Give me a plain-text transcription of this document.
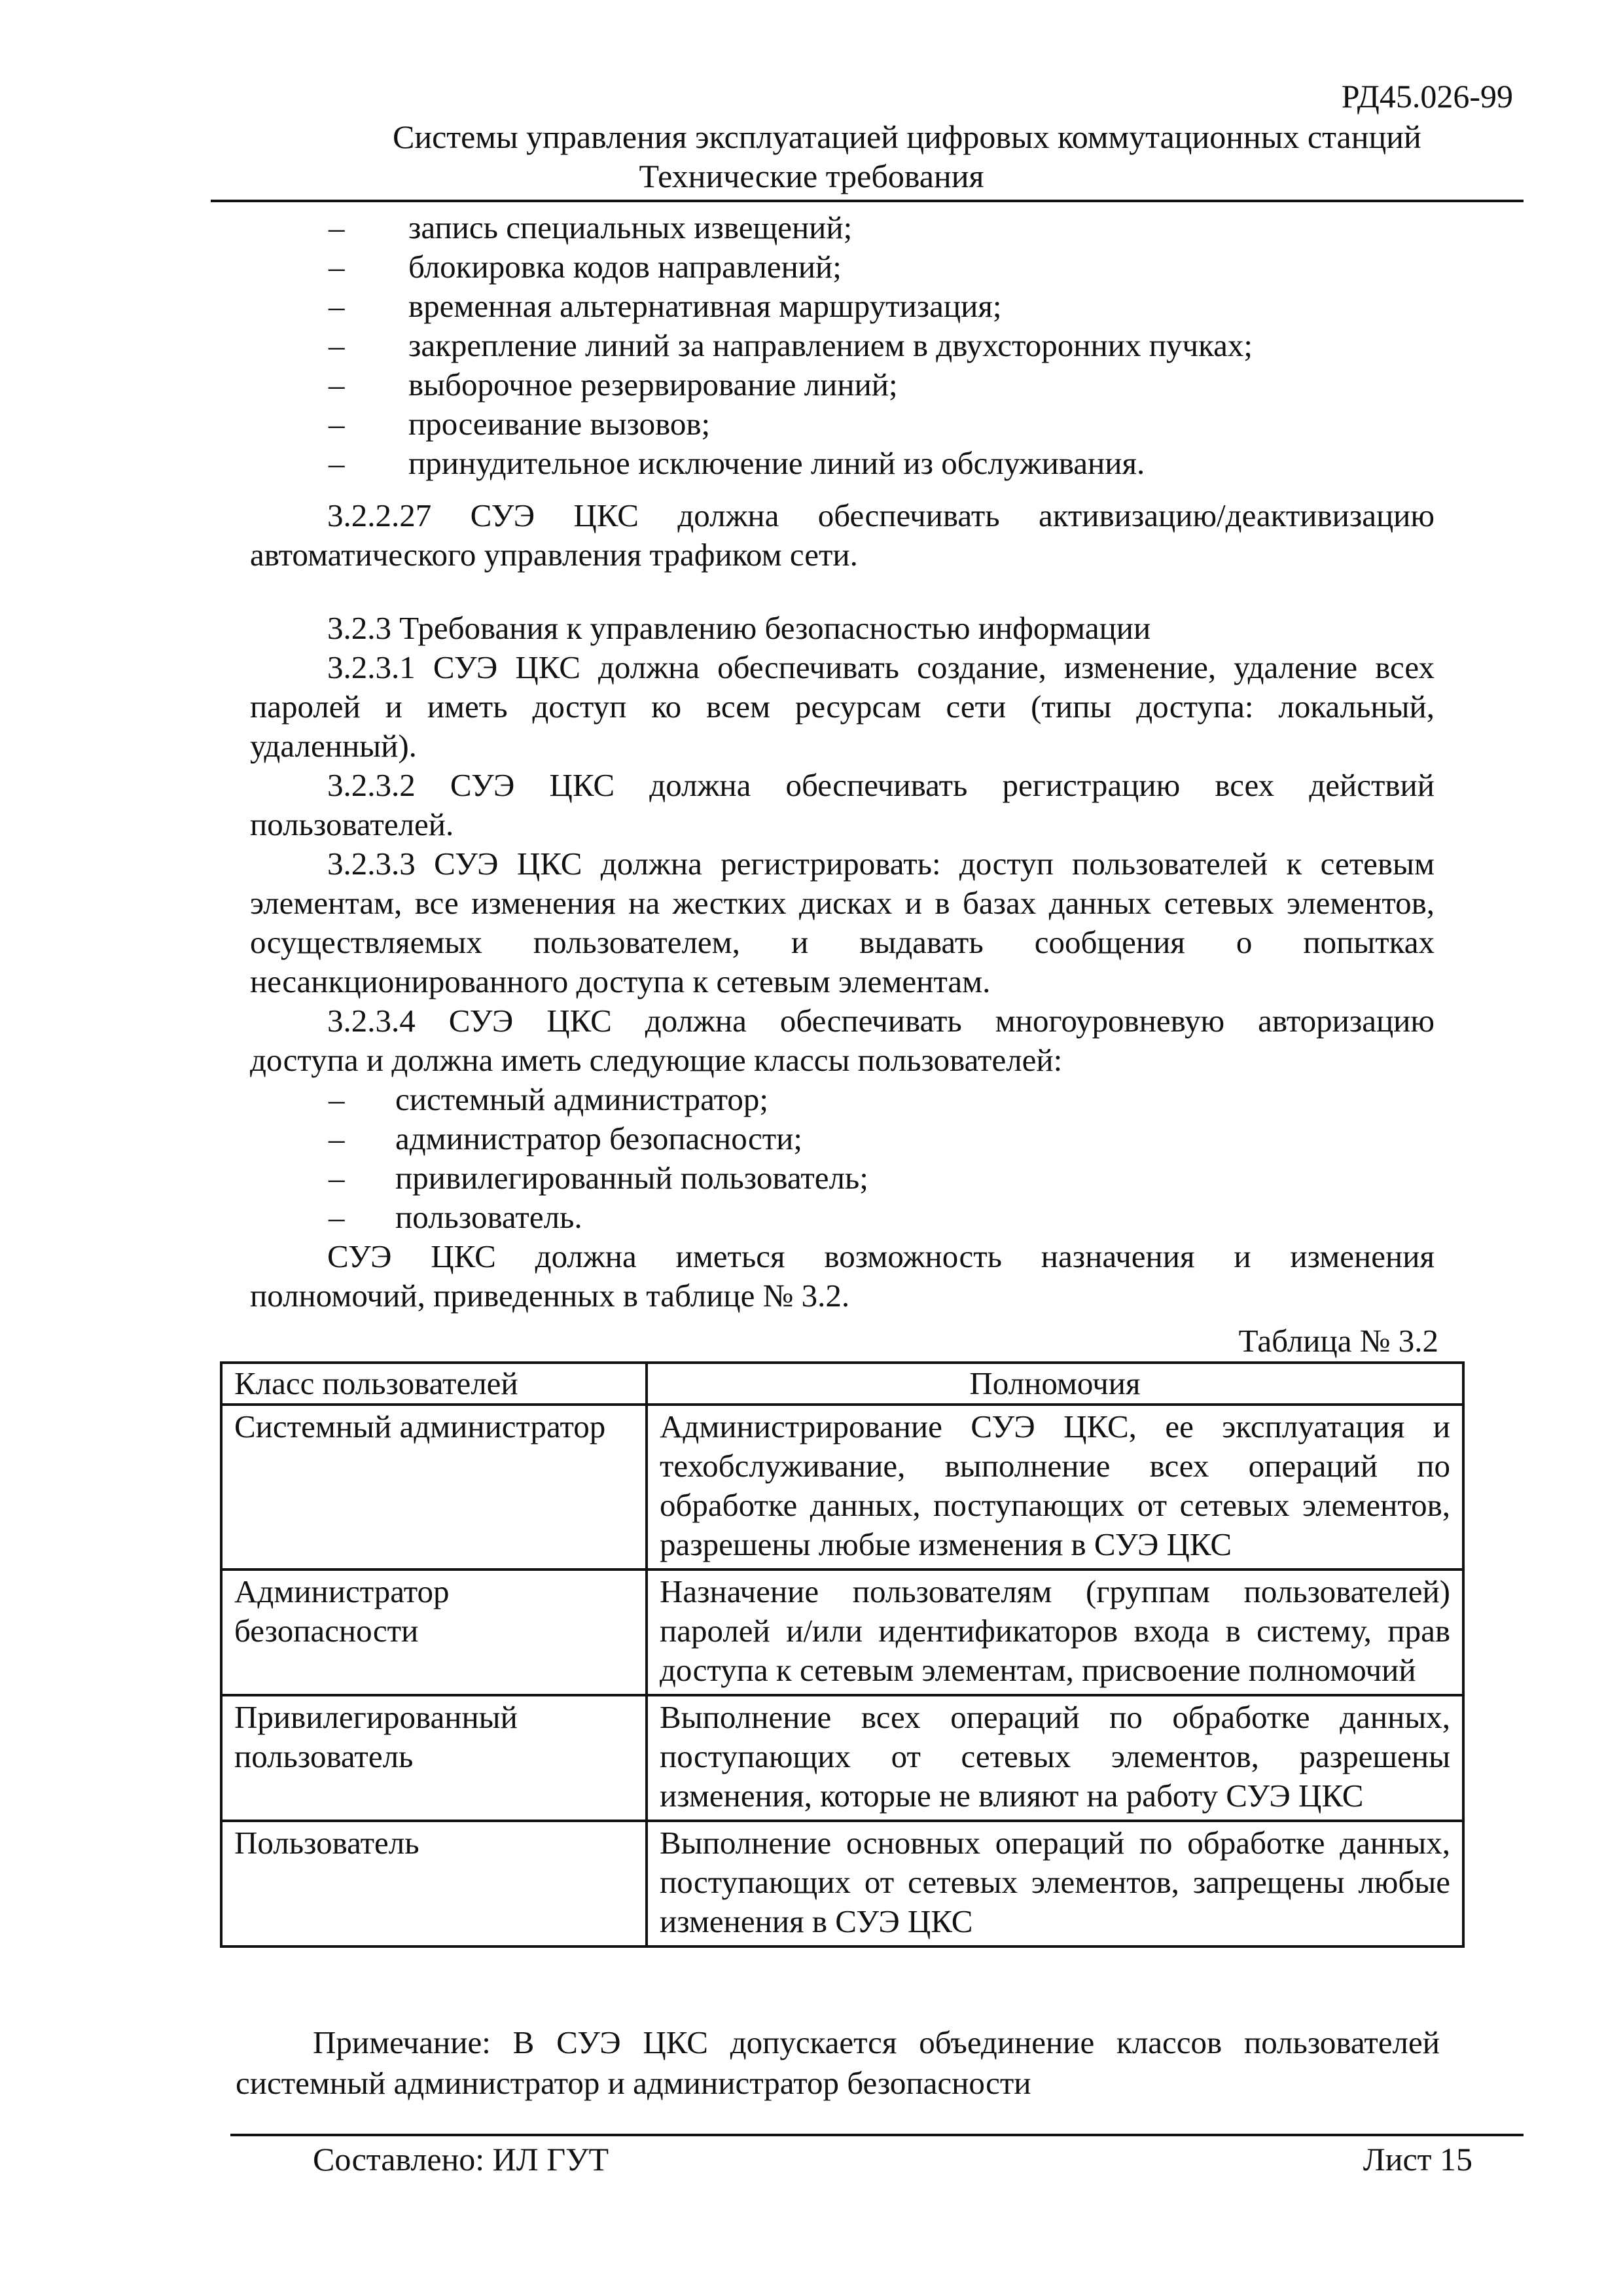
РД45.026-99
Системы управления эксплуатацией цифровых коммутационных станций
Технические требования
– запись специальных извещений;
– блокировка кодов направлений;
– временная альтернативная маршрутизация;
– закрепление линий за направлением в двухсторонних пучках;
– выборочное резервирование линий;
– просеивание вызовов;
– принудительное исключение линий из обслуживания.
3.2.2.27 СУЭ ЦКС должна обеспечивать активизацию/деактивизацию
автоматического управления трафиком сети.
3.2.3 Требования к управлению безопасностью информации
3.2.3.1 СУЭ ЦКС должна обеспечивать создание, изменение, удаление всех
паролей и иметь доступ ко всем ресурсам сети (типы доступа: локальный,
удаленный).
3.2.3.2 СУЭ ЦКС должна обеспечивать регистрацию всех действий
пользователей.
3.2.3.3 СУЭ ЦКС должна регистрировать: доступ пользователей к сетевым
элементам, все изменения на жестких дисках и в базах данных сетевых элементов,
осуществляемых пользователем, и выдавать сообщения о попытках
несанкционированного доступа к сетевым элементам.
3.2.3.4 СУЭ ЦКС должна обеспечивать многоуровневую авторизацию
доступа и должна иметь следующие классы пользователей:
– системный администратор;
– администратор безопасности;
– привилегированный пользователь;
– пользователь.
СУЭ ЦКС должна иметься возможность назначения и изменения
полномочий, приведенных в таблице № 3.2.
Таблица № 3.2
Класс пользователей	Полномочия
Системный администратор	Администрирование СУЭ ЦКС, ее эксплуатация и техобслуживание, выполнение всех операций по обработке данных, поступающих от сетевых элементов, разрешены любые изменения в СУЭ ЦКС
Администратор безопасности	Назначение пользователям (группам пользователей) паролей и/или идентификаторов входа в систему, прав доступа к сетевым элементам, присвоение полномочий
Привилегированный пользователь	Выполнение всех операций по обработке данных, поступающих от сетевых элементов, разрешены изменения, которые не влияют на работу СУЭ ЦКС
Пользователь	Выполнение основных операций по обработке данных, поступающих от сетевых элементов, запрещены любые изменения в СУЭ ЦКС
Примечание: В СУЭ ЦКС допускается объединение классов пользователей
системный администратор и администратор безопасности
Составлено: ИЛ ГУТ	Лист 15
